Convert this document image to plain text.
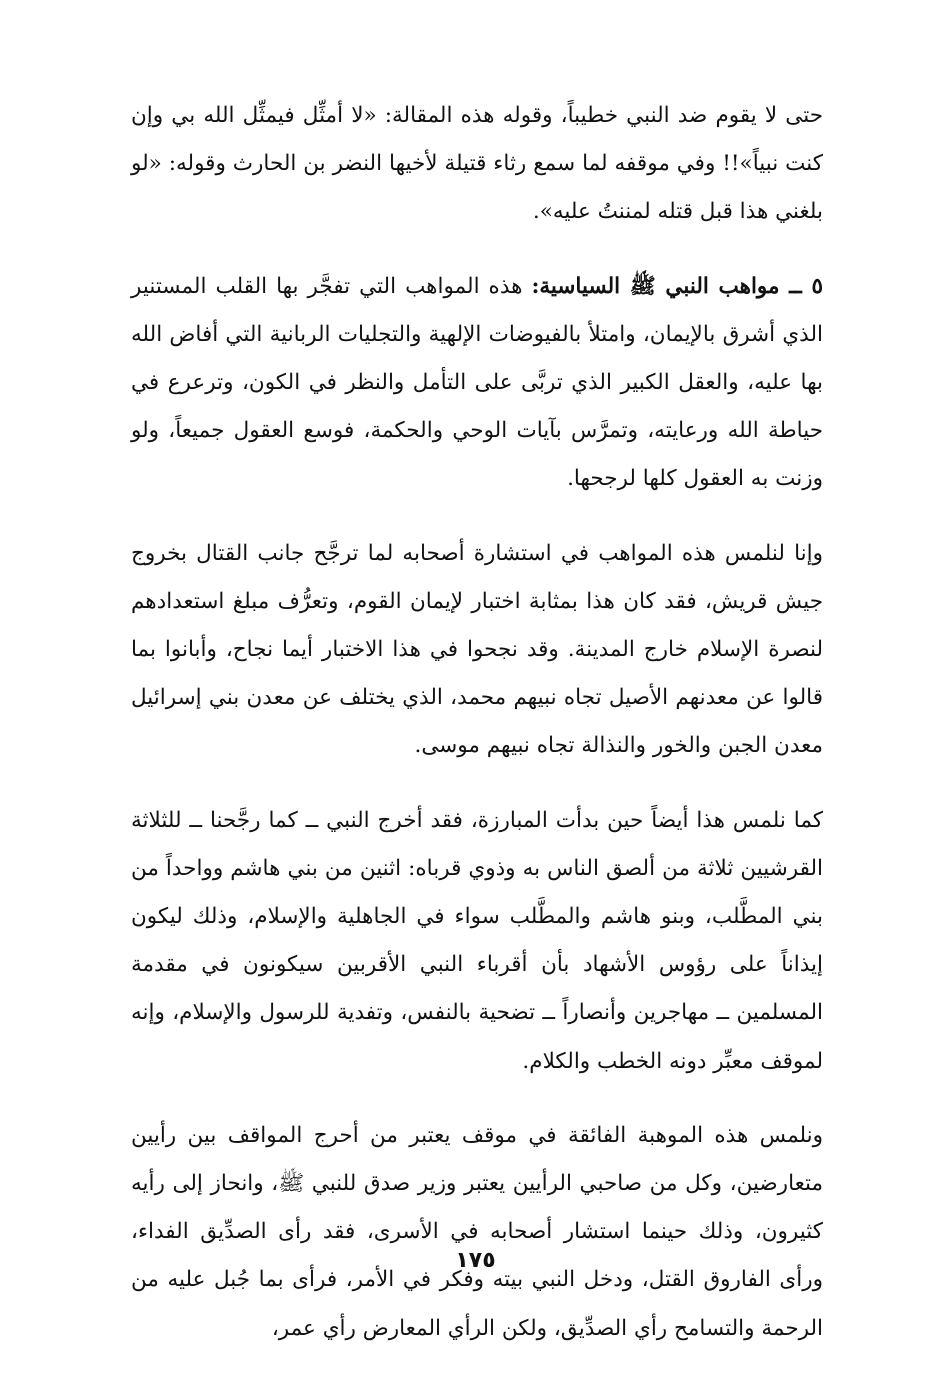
حتى لا يقوم ضد النبي خطيباً، وقوله هذه المقالة: «لا أمثِّل فيمثِّل الله بي وإن كنت نبياً»!! وفي موقفه لما سمع رثاء قتيلة لأخيها النضر بن الحارث وقوله: «لو بلغني هذا قبل قتله لمننتُ عليه».

٥ ــ مواهب النبي ﷺ السياسية: هذه المواهب التي تفجَّر بها القلب المستنير الذي أشرق بالإيمان، وامتلأ بالفيوضات الإلهية والتجليات الربانية التي أفاض الله بها عليه، والعقل الكبير الذي تربَّى على التأمل والنظر في الكون، وترعرع في حياطة الله ورعايته، وتمرَّس بآيات الوحي والحكمة، فوسع العقول جميعاً، ولو وزنت به العقول كلها لرجحها.

وإنا لنلمس هذه المواهب في استشارة أصحابه لما ترجَّح جانب القتال بخروج جيش قريش، فقد كان هذا بمثابة اختبار لإيمان القوم، وتعرُّف مبلغ استعدادهم لنصرة الإسلام خارج المدينة. وقد نجحوا في هذا الاختبار أيما نجاح، وأبانوا بما قالوا عن معدنهم الأصيل تجاه نبيهم محمد، الذي يختلف عن معدن بني إسرائيل معدن الجبن والخور والنذالة تجاه نبيهم موسى.

كما نلمس هذا أيضاً حين بدأت المبارزة، فقد أخرج النبي ــ كما رجَّحنا ــ للثلاثة القرشيين ثلاثة من ألصق الناس به وذوي قرباه: اثنين من بني هاشم وواحداً من بني المطَّلب، وبنو هاشم والمطَّلب سواء في الجاهلية والإسلام، وذلك ليكون إيذاناً على رؤوس الأشهاد بأن أقرباء النبي الأقربين سيكونون في مقدمة المسلمين ــ مهاجرين وأنصاراً ــ تضحية بالنفس، وتفدية للرسول والإسلام، وإنه لموقف معبِّر دونه الخطب والكلام.

ونلمس هذه الموهبة الفائقة في موقف يعتبر من أحرج المواقف بين رأيين متعارضين، وكل من صاحبي الرأيين يعتبر وزير صدق للنبي ﷺ، وانحاز إلى رأيه كثيرون، وذلك حينما استشار أصحابه في الأسرى، فقد رأى الصدِّيق الفداء، ورأى الفاروق القتل، ودخل النبي بيته وفكر في الأمر، فرأى بما جُبل عليه من الرحمة والتسامح رأي الصدِّيق، ولكن الرأي المعارض رأي عمر،

١٧٥
